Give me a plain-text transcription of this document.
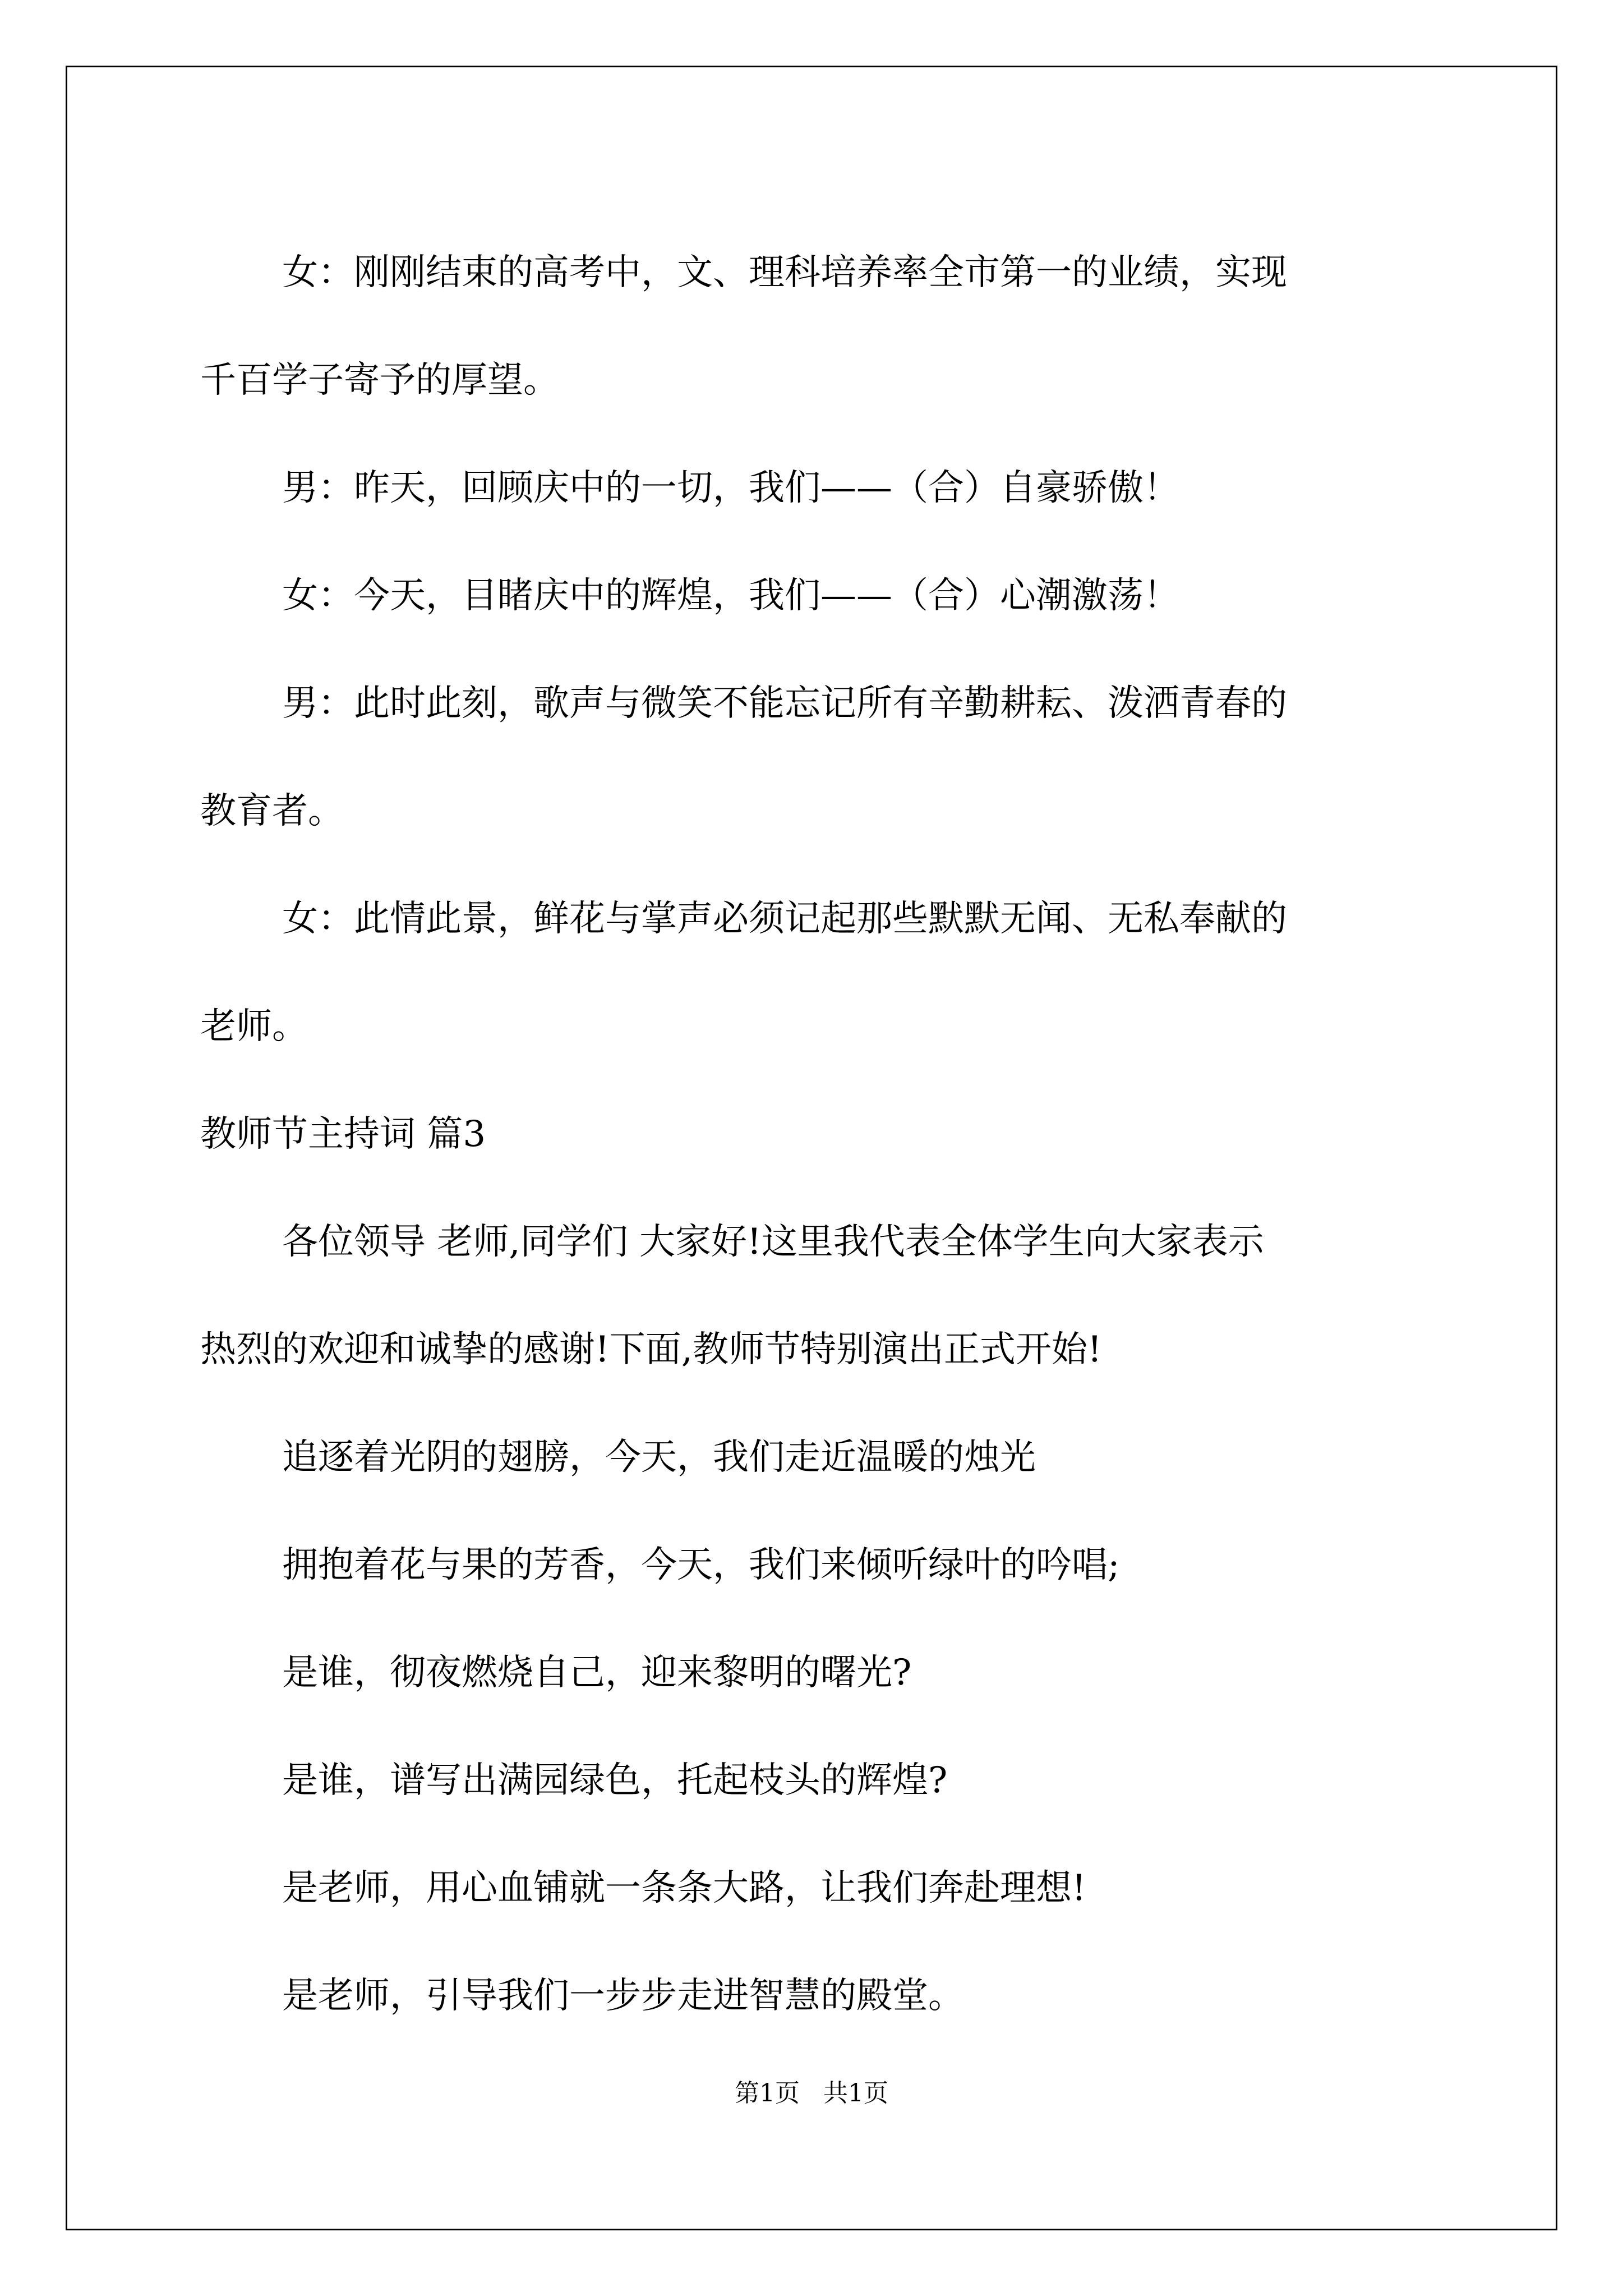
女：刚刚结束的高考中，文、理科培养率全市第一的业绩，实现

千百学子寄予的厚望。

男：昨天，回顾庆中的一切，我们——（合）自豪骄傲！

女：今天，目睹庆中的辉煌，我们——（合）心潮激荡！

男：此时此刻，歌声与微笑不能忘记所有辛勤耕耘、泼洒青春的

教育者。

女：此情此景，鲜花与掌声必须记起那些默默无闻、无私奉献的

老师。

教师节主持词 篇3

各位领导 老师,同学们 大家好!这里我代表全体学生向大家表示

热烈的欢迎和诚挚的感谢!下面,教师节特别演出正式开始!

追逐着光阴的翅膀，今天，我们走近温暖的烛光

拥抱着花与果的芳香，今天，我们来倾听绿叶的吟唱;

是谁，彻夜燃烧自己，迎来黎明的曙光?

是谁，谱写出满园绿色，托起枝头的辉煌?

是老师，用心血铺就一条条大路，让我们奔赴理想!

是老师，引导我们一步步走进智慧的殿堂。

第1页   共1页
